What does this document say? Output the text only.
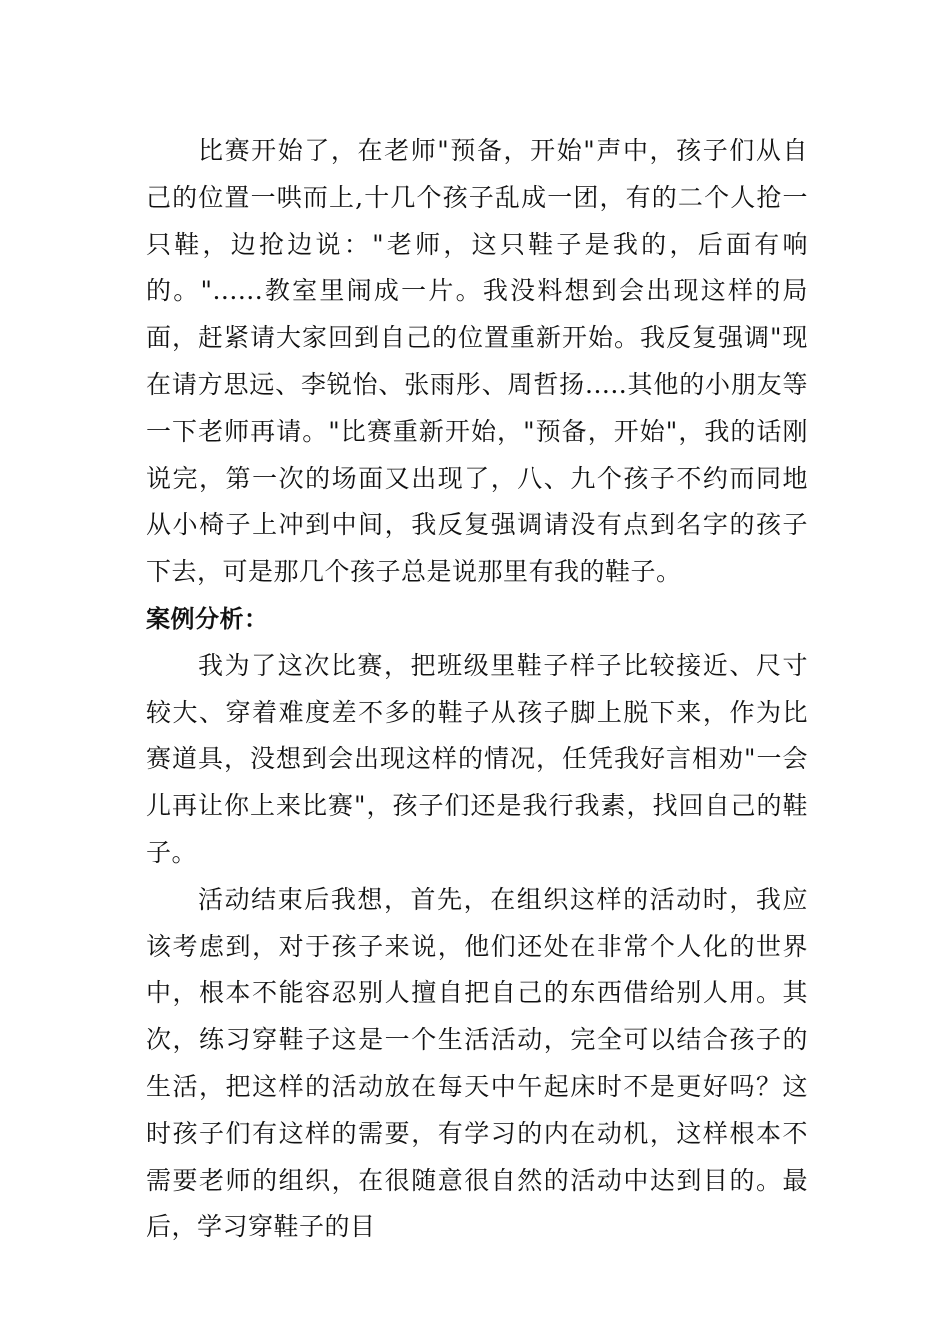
比赛开始了，在老师"预备，开始"声中，孩子们从自己的位置一哄而上,十几个孩子乱成一团，有的二个人抢一只鞋，边抢边说："老师，这只鞋子是我的，后面有响的。"......教室里闹成一片。我没料想到会出现这样的局面，赶紧请大家回到自己的位置重新开始。我反复强调"现在请方思远、李锐怡、张雨彤、周哲扬.....其他的小朋友等一下老师再请。"比赛重新开始，"预备，开始"，我的话刚说完，第一次的场面又出现了，八、九个孩子不约而同地从小椅子上冲到中间，我反复强调请没有点到名字的孩子下去，可是那几个孩子总是说那里有我的鞋子。

案例分析：

我为了这次比赛，把班级里鞋子样子比较接近、尺寸较大、穿着难度差不多的鞋子从孩子脚上脱下来，作为比赛道具，没想到会出现这样的情况，任凭我好言相劝"一会儿再让你上来比赛"，孩子们还是我行我素，找回自己的鞋子。

活动结束后我想，首先，在组织这样的活动时，我应该考虑到，对于孩子来说，他们还处在非常个人化的世界中，根本不能容忍别人擅自把自己的东西借给别人用。其次，练习穿鞋子这是一个生活活动，完全可以结合孩子的生活，把这样的活动放在每天中午起床时不是更好吗？这时孩子们有这样的需要，有学习的内在动机，这样根本不需要老师的组织，在很随意很自然的活动中达到目的。最后，学习穿鞋子的目
